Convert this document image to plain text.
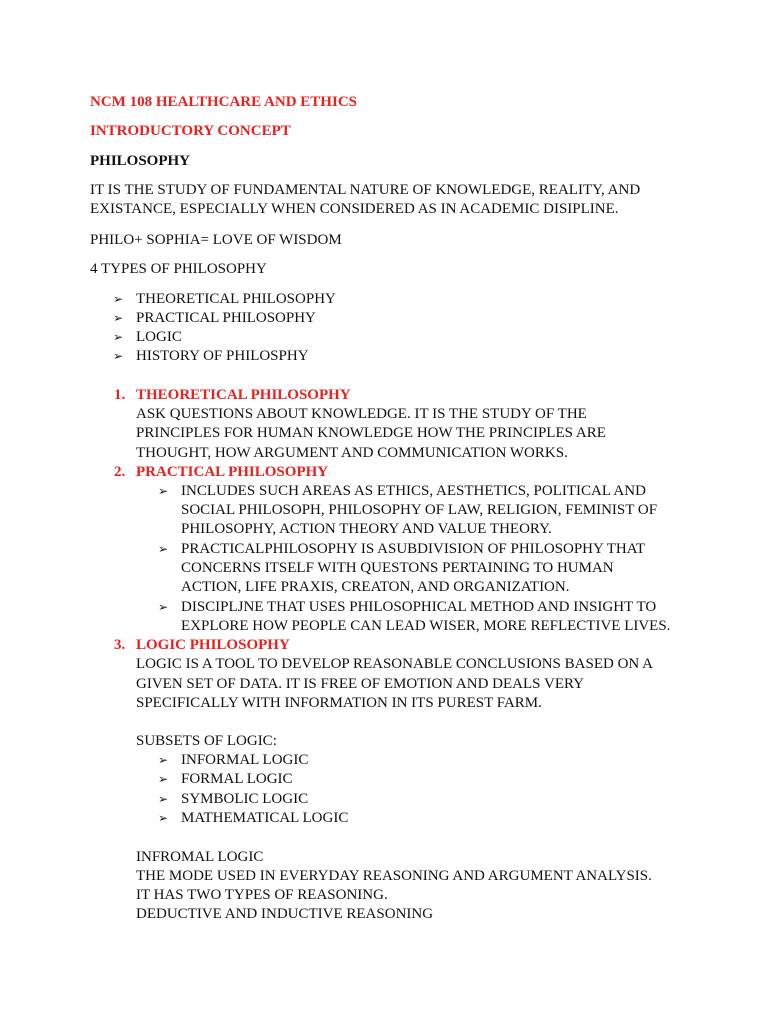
NCM 108 HEALTHCARE AND ETHICS
INTRODUCTORY CONCEPT
PHILOSOPHY
IT IS THE STUDY OF FUNDAMENTAL NATURE OF KNOWLEDGE, REALITY, AND
EXISTANCE, ESPECIALLY WHEN CONSIDERED AS IN ACADEMIC DISIPLINE.
PHILO+ SOPHIA= LOVE OF WISDOM
4 TYPES OF PHILOSOPHY
➢ THEORETICAL PHILOSOPHY
➢ PRACTICAL PHILOSOPHY
➢ LOGIC
➢ HISTORY OF PHILOSPHY
1. THEORETICAL PHILOSOPHY
ASK QUESTIONS ABOUT KNOWLEDGE. IT IS THE STUDY OF THE
PRINCIPLES FOR HUMAN KNOWLEDGE HOW THE PRINCIPLES ARE
THOUGHT, HOW ARGUMENT AND COMMUNICATION WORKS.
2. PRACTICAL PHILOSOPHY
➢ INCLUDES SUCH AREAS AS ETHICS, AESTHETICS, POLITICAL AND
SOCIAL PHILOSOPH, PHILOSOPHY OF LAW, RELIGION, FEMINIST OF
PHILOSOPHY, ACTION THEORY AND VALUE THEORY.
➢ PRACTICALPHILOSOPHY IS ASUBDIVISION OF PHILOSOPHY THAT
CONCERNS ITSELF WITH QUESTONS PERTAINING TO HUMAN
ACTION, LIFE PRAXIS, CREATON, AND ORGANIZATION.
➢ DISCIPLJNE THAT USES PHILOSOPHICAL METHOD AND INSIGHT TO
EXPLORE HOW PEOPLE CAN LEAD WISER, MORE REFLECTIVE LIVES.
3. LOGIC PHILOSOPHY
LOGIC IS A TOOL TO DEVELOP REASONABLE CONCLUSIONS BASED ON A
GIVEN SET OF DATA. IT IS FREE OF EMOTION AND DEALS VERY
SPECIFICALLY WITH INFORMATION IN ITS PUREST FARM.
SUBSETS OF LOGIC:
➢ INFORMAL LOGIC
➢ FORMAL LOGIC
➢ SYMBOLIC LOGIC
➢ MATHEMATICAL LOGIC
INFROMAL LOGIC
THE MODE USED IN EVERYDAY REASONING AND ARGUMENT ANALYSIS.
IT HAS TWO TYPES OF REASONING.
DEDUCTIVE AND INDUCTIVE REASONING
